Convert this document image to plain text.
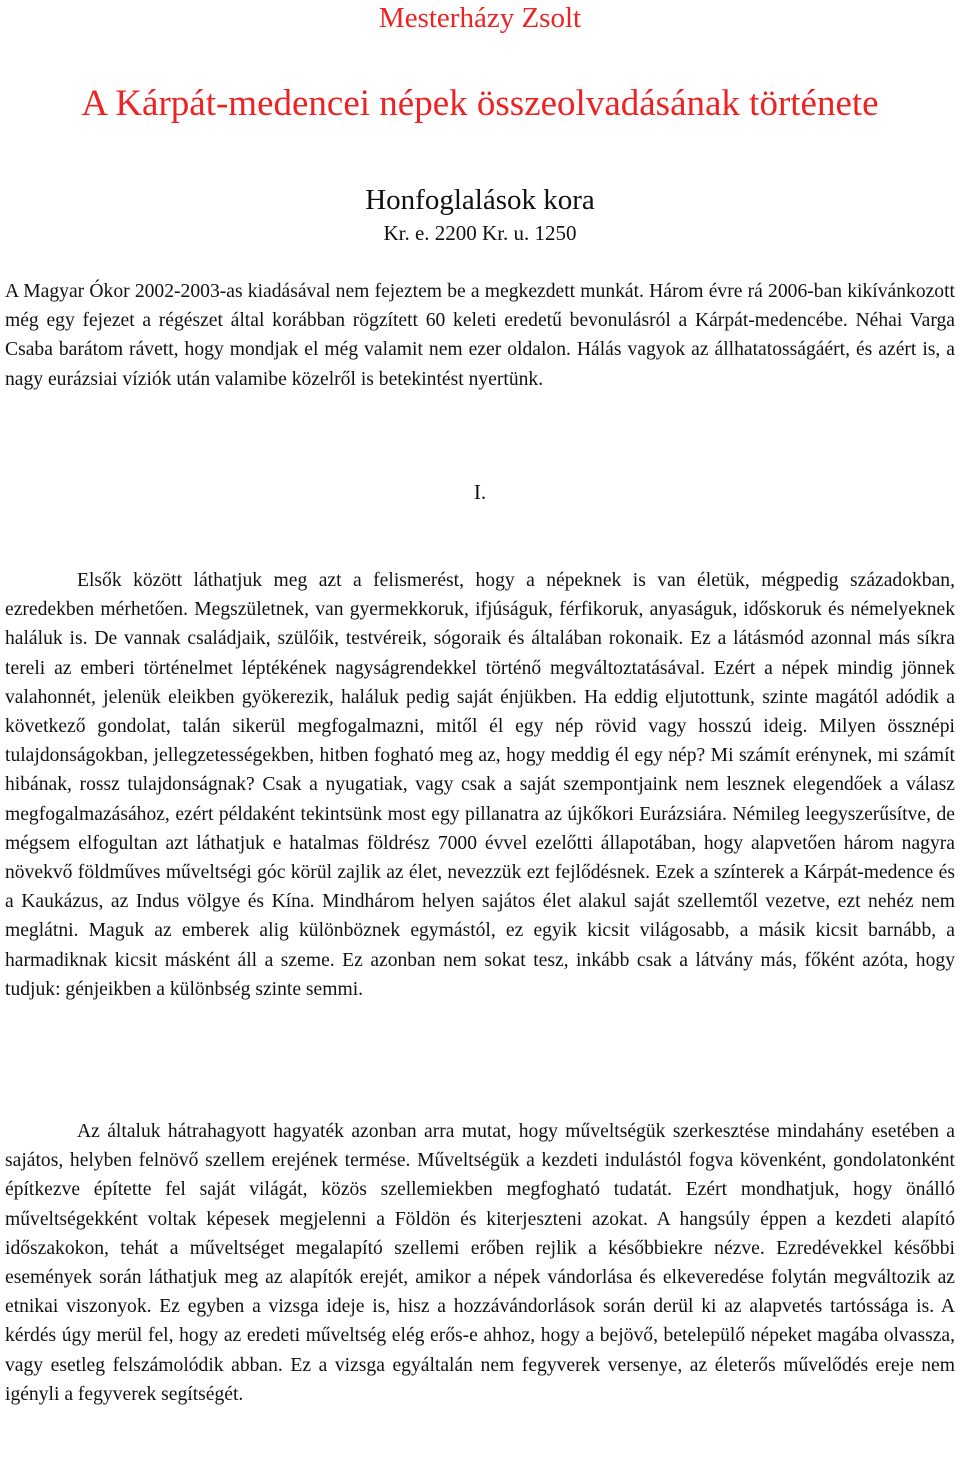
Mesterházy Zsolt
A Kárpát-medencei népek összeolvadásának története
Honfoglalások kora
Kr. e. 2200 Kr. u. 1250

A Magyar Ókor 2002-2003-as kiadásával nem fejeztem be a megkezdett munkát. Három évre rá 2006-ban kikívánkozott még egy fejezet a régészet által korábban rögzített 60 keleti eredetű bevonulásról a Kárpát-medencébe. Néhai Varga Csaba barátom rávett, hogy mondjak el még valamit nem ezer oldalon. Hálás vagyok az állhatatosságáért, és azért is, a nagy eurázsiai víziók után valamibe közelről is betekintést nyertünk.

I.

Elsők között láthatjuk meg azt a felismerést, hogy a népeknek is van életük, mégpedig századokban, ezredekben mérhetően. Megszületnek, van gyermekkoruk, ifjúságuk, férfikoruk, anyaságuk, időskoruk és némelyeknek haláluk is. De vannak családjaik, szülőik, testvéreik, sógoraik és általában rokonaik. Ez a látásmód azonnal más síkra tereli az emberi történelmet léptékének nagyságrendekkel történő megváltoztatásával. Ezért a népek mindig jönnek valahonnét, jelenük eleikben gyökerezik, haláluk pedig saját énjükben. Ha eddig eljutottunk, szinte magától adódik a következő gondolat, talán sikerül megfogalmazni, mitől él egy nép rövid vagy hosszú ideig. Milyen össznépi tulajdonságokban, jellegzetességekben, hitben fogható meg az, hogy meddig él egy nép? Mi számít erénynek, mi számít hibának, rossz tulajdonságnak? Csak a nyugatiak, vagy csak a saját szempontjaink nem lesznek elegendőek a válasz megfogalmazásához, ezért példaként tekintsünk most egy pillanatra az újkőkori Eurázsiára. Némileg leegyszerűsítve, de mégsem elfogultan azt láthatjuk e hatalmas földrész 7000 évvel ezelőtti állapotában, hogy alapvetően három nagyra növekvő földműves műveltségi góc körül zajlik az élet, nevezzük ezt fejlődésnek. Ezek a színterek a Kárpát-medence és a Kaukázus, az Indus völgye és Kína. Mindhárom helyen sajátos élet alakul saját szellemtől vezetve, ezt nehéz nem meglátni. Maguk az emberek alig különböznek egymástól, ez egyik kicsit világosabb, a másik kicsit barnább, a harmadiknak kicsit másként áll a szeme. Ez azonban nem sokat tesz, inkább csak a látvány más, főként azóta, hogy tudjuk: génjeikben a különbség szinte semmi.

Az általuk hátrahagyott hagyaték azonban arra mutat, hogy műveltségük szerkesztése mindahány esetében a sajátos, helyben felnövő szellem erejének termése. Műveltségük a kezdeti indulástól fogva kövenként, gondolatonként építkezve építette fel saját világát, közös szellemiekben megfogható tudatát. Ezért mondhatjuk, hogy önálló műveltségekként voltak képesek megjelenni a Földön és kiterjeszteni azokat. A hangsúly éppen a kezdeti alapító időszakokon, tehát a műveltséget megalapító szellemi erőben rejlik a későbbiekre nézve. Ezredévekkel későbbi események során láthatjuk meg az alapítók erejét, amikor a népek vándorlása és elkeveredése folytán megváltozik az etnikai viszonyok. Ez egyben a vizsga ideje is, hisz a hozzávándorlások során derül ki az alapvetés tartóssága is. A kérdés úgy merül fel, hogy az eredeti műveltség elég erős-e ahhoz, hogy a bejövő, betelepülő népeket magába olvassza, vagy esetleg felszámolódik abban. Ez a vizsga egyáltalán nem fegyverek versenye, az életerős művelődés ereje nem igényli a fegyverek segítségét.
